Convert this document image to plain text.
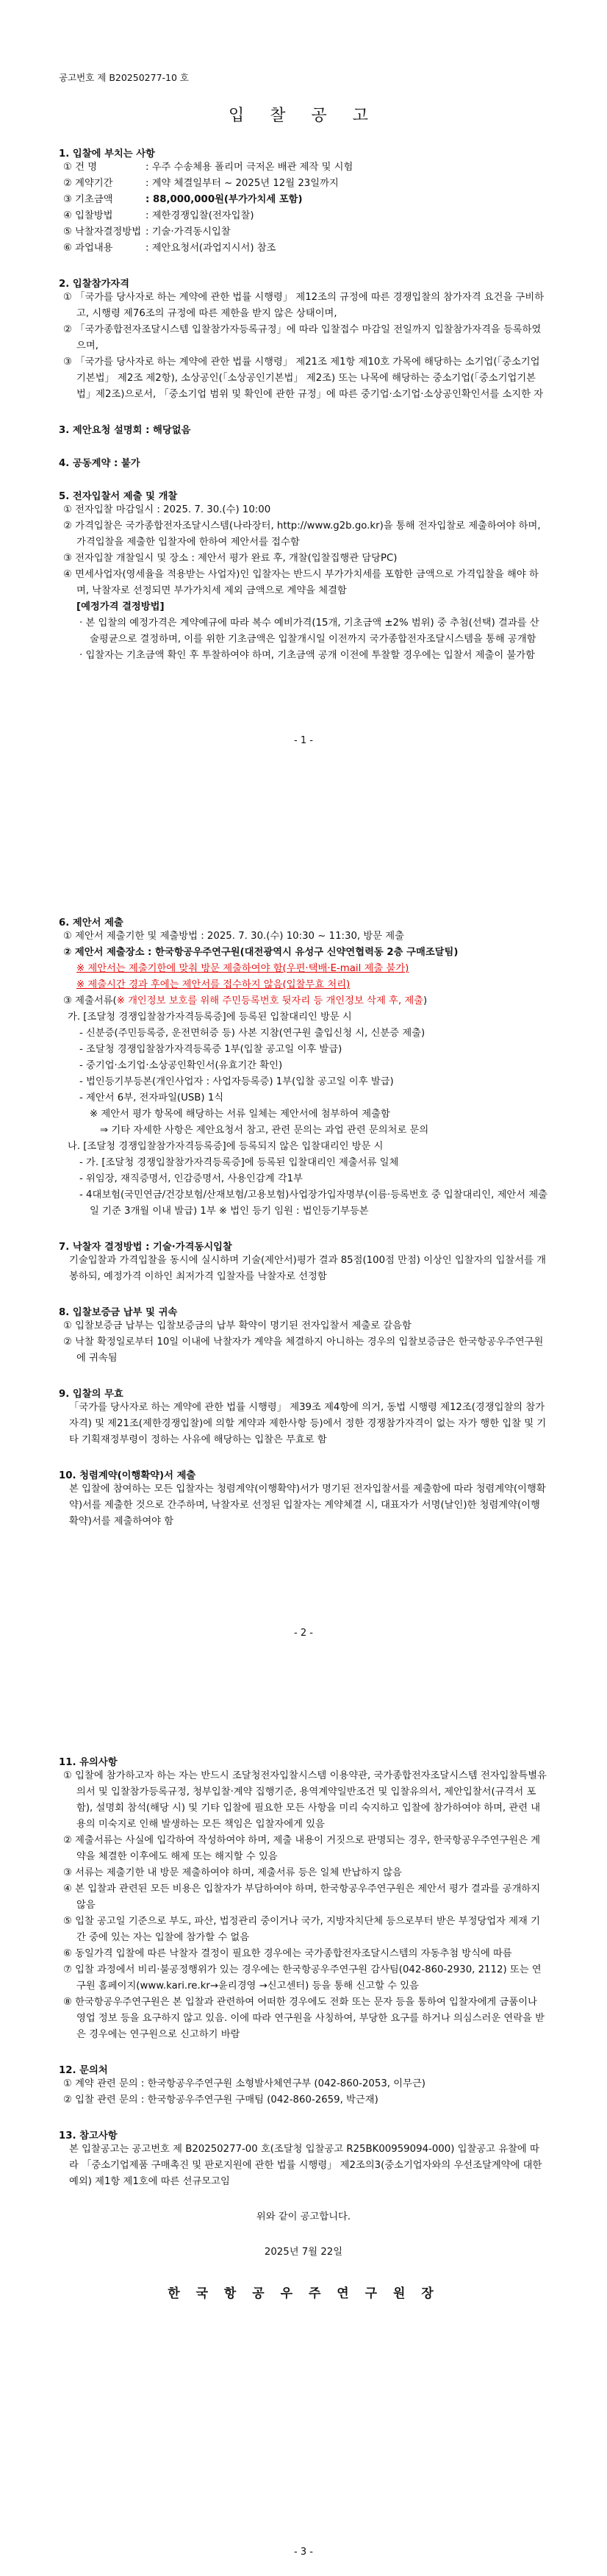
공고번호 제 B20250277-10 호
입 찰 공 고
1. 입찰에 부치는 사항
① 건 명	: 우주 수송체용 폴리머 극저온 배관 제작 및 시험
② 계약기간	: 계약 체결일부터 ~ 2025년 12월 23일까지
③ 기초금액	: 88,000,000원(부가가치세 포함)
④ 입찰방법	: 제한경쟁입찰(전자입찰)
⑤ 낙찰자결정방법 : 기술·가격동시입찰
⑥ 과업내용	: 제안요청서(과업지시서) 참조
2. 입찰참가자격
① 「국가를 당사자로 하는 계약에 관한 법률 시행령」 제12조의 규정에 따른 경쟁입찰의 참가자격 요건을 구비하고, 시행령 제76조의 규정에 따른 제한을 받지 않은 상태이며,
② 「국가종합전자조달시스템 입찰참가자등록규정」에 따라 입찰접수 마감일 전일까지 입찰참가자격을 등록하였으며,
③ 「국가를 당사자로 하는 계약에 관한 법률 시행령」 제21조 제1항 제10호 가목에 해당하는 소기업(「중소기업기본법」 제2조 제2항), 소상공인(「소상공인기본법」 제2조) 또는 나목에 해당하는 중소기업(「중소기업기본법」제2조)으로서, 「중소기업 범위 및 확인에 관한 규정」에 따른 중기업·소기업·소상공인확인서를 소지한 자
3. 제안요청 설명회 : 해당없음
4. 공동계약 : 불가
5. 전자입찰서 제출 및 개찰
① 전자입찰 마감일시 : 2025. 7. 30.(수) 10:00
② 가격입찰은 국가종합전자조달시스템(나라장터, http://www.g2b.go.kr)을 통해 전자입찰로 제출하여야 하며, 가격입찰을 제출한 입찰자에 한하여 제안서를 접수함
③ 전자입찰 개찰일시 및 장소 : 제안서 평가 완료 후, 개찰(입찰집행관 담당PC)
④ 면세사업자(영세율을 적용받는 사업자)인 입찰자는 반드시 부가가치세를 포함한 금액으로 가격입찰을 해야 하며, 낙찰자로 선정되면 부가가치세 제외 금액으로 계약을 체결함
[예정가격 결정방법]
· 본 입찰의 예정가격은 계약예규에 따라 복수 예비가격(15개, 기초금액 ±2% 범위) 중 추첨(선택) 결과를 산술평균으로 결정하며, 이를 위한 기초금액은 입찰개시일 이전까지 국가종합전자조달시스템을 통해 공개함
· 입찰자는 기초금액 확인 후 투찰하여야 하며, 기초금액 공개 이전에 투찰할 경우에는 입찰서 제출이 불가함
- 1 -
6. 제안서 제출
① 제안서 제출기한 및 제출방법 : 2025. 7. 30.(수) 10:30 ~ 11:30, 방문 제출
② 제안서 제출장소 : 한국항공우주연구원(대전광역시 유성구 신약연협력동 2층 구매조달팀)
※ 제안서는 제출기한에 맞춰 방문 제출하여야 함(우편·택배·E-mail 제출 불가)
※ 제출시간 경과 후에는 제안서를 접수하지 않음(입찰무효 처리)
③ 제출서류(※ 개인정보 보호를 위해 주민등록번호 뒷자리 등 개인정보 삭제 후, 제출)
가. [조달청 경쟁입찰참가자격등록증]에 등록된 입찰대리인 방문 시
- 신분증(주민등록증, 운전면허증 등) 사본 지참(연구원 출입신청 시, 신분증 제출)
- 조달청 경쟁입찰참가자격등록증 1부(입찰 공고일 이후 발급)
- 중기업·소기업·소상공인확인서(유효기간 확인)
- 법인등기부등본(개인사업자 : 사업자등록증) 1부(입찰 공고일 이후 발급)
- 제안서 6부, 전자파일(USB) 1식
※ 제안서 평가 항목에 해당하는 서류 일체는 제안서에 첨부하여 제출함
⇒ 기타 자세한 사항은 제안요청서 참고, 관련 문의는 과업 관련 문의처로 문의
나. [조달청 경쟁입찰참가자격등록증]에 등록되지 않은 입찰대리인 방문 시
- 가. [조달청 경쟁입찰참가자격등록증]에 등록된 입찰대리인 제출서류 일체
- 위임장, 재직증명서, 인감증명서, 사용인감계 각1부
- 4대보험(국민연금/건강보험/산재보험/고용보험)사업장가입자명부(이름·등록번호 중 입찰대리인, 제안서 제출일 기준 3개월 이내 발급) 1부 ※ 법인 등기 임원 : 법인등기부등본
7. 낙찰자 결정방법 : 기술·가격동시입찰
기술입찰과 가격입찰을 동시에 실시하며 기술(제안서)평가 결과 85점(100점 만점) 이상인 입찰자의 입찰서를 개봉하되, 예정가격 이하인 최저가격 입찰자를 낙찰자로 선정함
8. 입찰보증금 납부 및 귀속
① 입찰보증금 납부는 입찰보증금의 납부 확약이 명기된 전자입찰서 제출로 갈음함
② 낙찰 확정일로부터 10일 이내에 낙찰자가 계약을 체결하지 아니하는 경우의 입찰보증금은 한국항공우주연구원에 귀속됨
9. 입찰의 무효
「국가를 당사자로 하는 계약에 관한 법률 시행령」 제39조 제4항에 의거, 동법 시행령 제12조(경쟁입찰의 참가자격) 및 제21조(제한경쟁입찰)에 의할 계약과 제한사항 등)에서 정한 경쟁참가자격이 없는 자가 행한 입찰 및 기타 기획재정부령이 정하는 사유에 해당하는 입찰은 무효로 함
10. 청렴계약(이행확약)서 제출
본 입찰에 참여하는 모든 입찰자는 청렴계약(이행확약)서가 명기된 전자입찰서를 제출함에 따라 청렴계약(이행확약)서를 제출한 것으로 간주하며, 낙찰자로 선정된 입찰자는 계약체결 시, 대표자가 서명(날인)한 청렴계약(이행확약)서를 제출하여야 함
- 2 -
11. 유의사항
① 입찰에 참가하고자 하는 자는 반드시 조달청전자입찰시스템 이용약관, 국가종합전자조달시스템 전자입찰특별유의서 및 입찰참가등록규정, 청부입찰·계약 집행기준, 용역계약일반조건 및 입찰유의서, 제안입찰서(규격서 포함), 설명회 참석(해당 시) 및 기타 입찰에 필요한 모든 사항을 미리 숙지하고 입찰에 참가하여야 하며, 관련 내용의 미숙지로 인해 발생하는 모든 책임은 입찰자에게 있음
② 제출서류는 사실에 입각하여 작성하여야 하며, 제출 내용이 거짓으로 판명되는 경우, 한국항공우주연구원은 계약을 체결한 이후에도 해제 또는 해지할 수 있음
③ 서류는 제출기한 내 방문 제출하여야 하며, 제출서류 등은 일체 반납하지 않음
④ 본 입찰과 관련된 모든 비용은 입찰자가 부담하여야 하며, 한국항공우주연구원은 제안서 평가 결과를 공개하지 않음
⑤ 입찰 공고일 기준으로 부도, 파산, 법정관리 중이거나 국가, 지방자치단체 등으로부터 받은 부정당업자 제재 기간 중에 있는 자는 입찰에 참가할 수 없음
⑥ 동일가격 입찰에 따른 낙찰자 결정이 필요한 경우에는 국가종합전자조달시스템의 자동추첨 방식에 따름
⑦ 입찰 과정에서 비리·불공정행위가 있는 경우에는 한국항공우주연구원 감사팀(042-860-2930, 2112) 또는 연구원 홈페이지(www.kari.re.kr→윤리경영 →신고센터) 등을 통해 신고할 수 있음
⑧ 한국항공우주연구원은 본 입찰과 관련하여 어떠한 경우에도 전화 또는 문자 등을 통하여 입찰자에게 금품이나 영업 정보 등을 요구하지 않고 있음. 이에 따라 연구원을 사칭하여, 부당한 요구를 하거나 의심스러운 연락을 받은 경우에는 연구원으로 신고하기 바람
12. 문의처
① 계약 관련 문의 : 한국항공우주연구원 소형발사체연구부 (042-860-2053, 이무근)
② 입찰 관련 문의 : 한국항공우주연구원 구매팀 (042-860-2659, 박근재)
13. 참고사항
본 입찰공고는 공고번호 제 B20250277-00 호(조달청 입찰공고 R25BK00959094-000) 입찰공고 유찰에 따라 「중소기업제품 구매촉진 및 판로지원에 관한 법률 시행령」 제2조의3(중소기업자와의 우선조달계약에 대한 예외) 제1항 제1호에 따른 선규모고임
위와 같이 공고합니다.
2025년 7월 22일
한 국 항 공 우 주 연 구 원 장
- 3 -
